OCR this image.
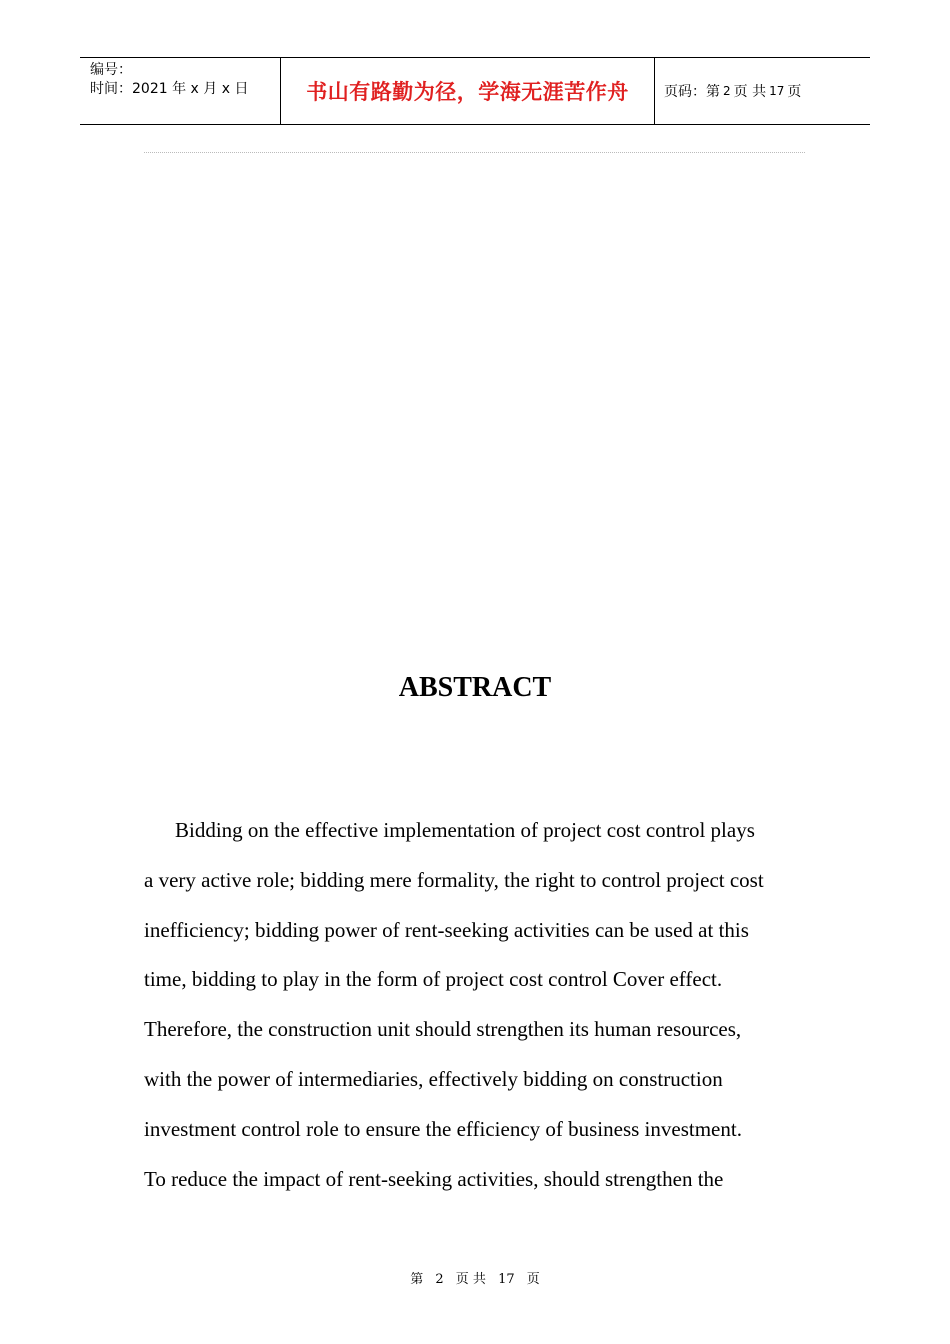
编号：
时间：2021 年 x 月 x 日	书山有路勤为径，学海无涯苦作舟	页码：第 2 页 共 17 页
ABSTRACT
Bidding on the effective implementation of project cost control plays
a very active role; bidding mere formality, the right to control project cost
inefficiency; bidding power of rent-seeking activities can be used at this
time, bidding to play in the form of project cost control Cover effect.
Therefore, the construction unit should strengthen its human resources,
with the power of intermediaries, effectively bidding on construction
investment control role to ensure the efficiency of business investment.
To reduce the impact of rent-seeking activities, should strengthen the
第 2 页 共 17 页
